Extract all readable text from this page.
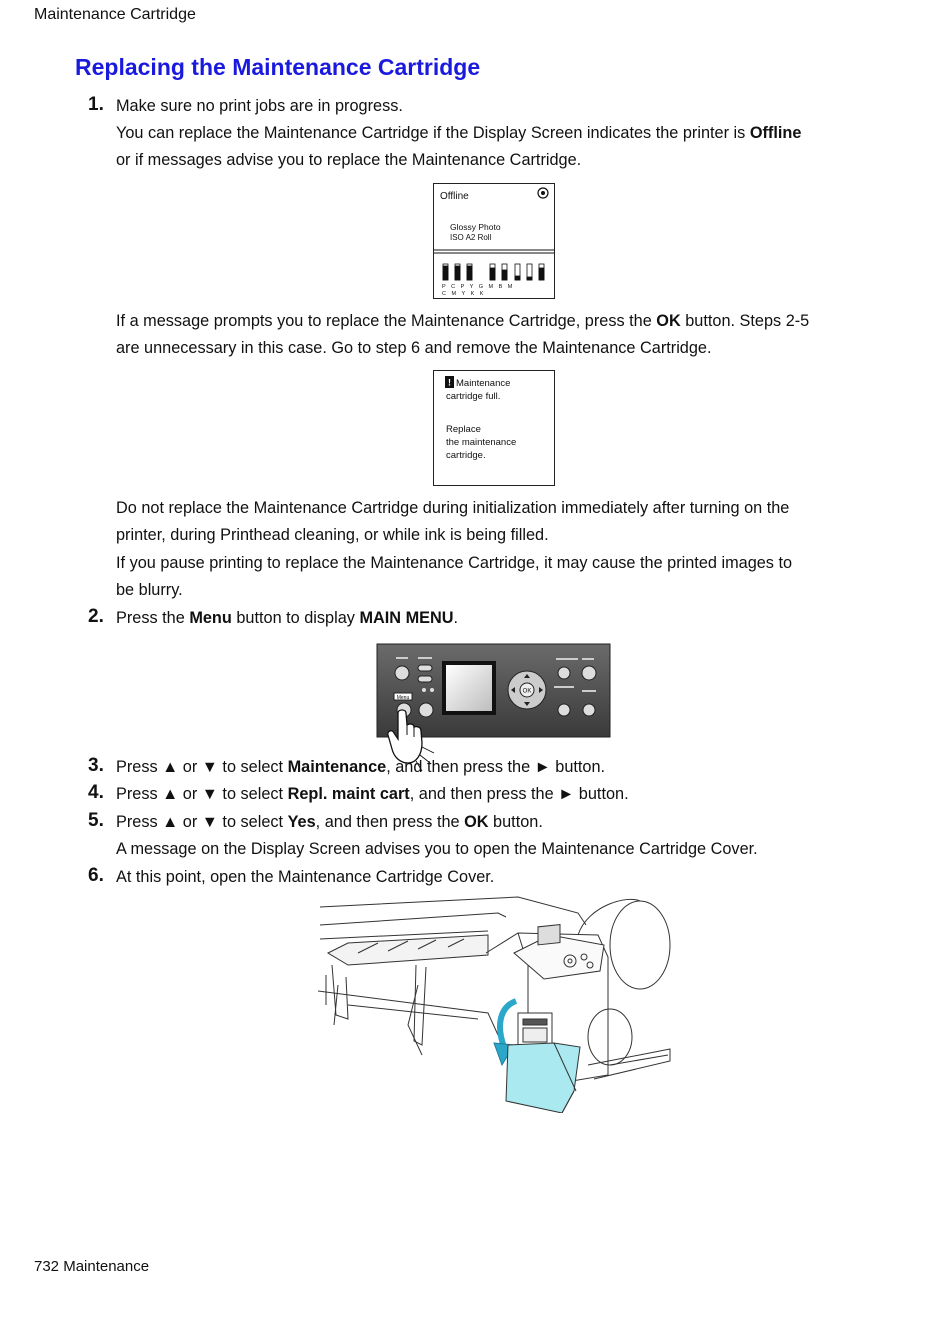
Maintenance Cartridge
Replacing the Maintenance Cartridge
1. Make sure no print jobs are in progress.
You can replace the Maintenance Cartridge if the Display Screen indicates the printer is Offline
or if messages advise you to replace the Maintenance Cartridge.
Offline
Glossy Photo
ISO A2 Roll
P C P Y G M B M
C M Y K K
If a message prompts you to replace the Maintenance Cartridge, press the OK button. Steps 2-5
are unnecessary in this case. Go to step 6 and remove the Maintenance Cartridge.
! Maintenance
cartridge full.
Replace
the maintenance
cartridge.
Do not replace the Maintenance Cartridge during initialization immediately after turning on the
printer, during Printhead cleaning, or while ink is being filled.
If you pause printing to replace the Maintenance Cartridge, it may cause the printed images to
be blurry.
2. Press the Menu button to display MAIN MENU.
Menu
OK
3. Press ▲ or ▼ to select Maintenance, and then press the ► button.
4. Press ▲ or ▼ to select Repl. maint cart, and then press the ► button.
5. Press ▲ or ▼ to select Yes, and then press the OK button.
A message on the Display Screen advises you to open the Maintenance Cartridge Cover.
6. At this point, open the Maintenance Cartridge Cover.
732 Maintenance
